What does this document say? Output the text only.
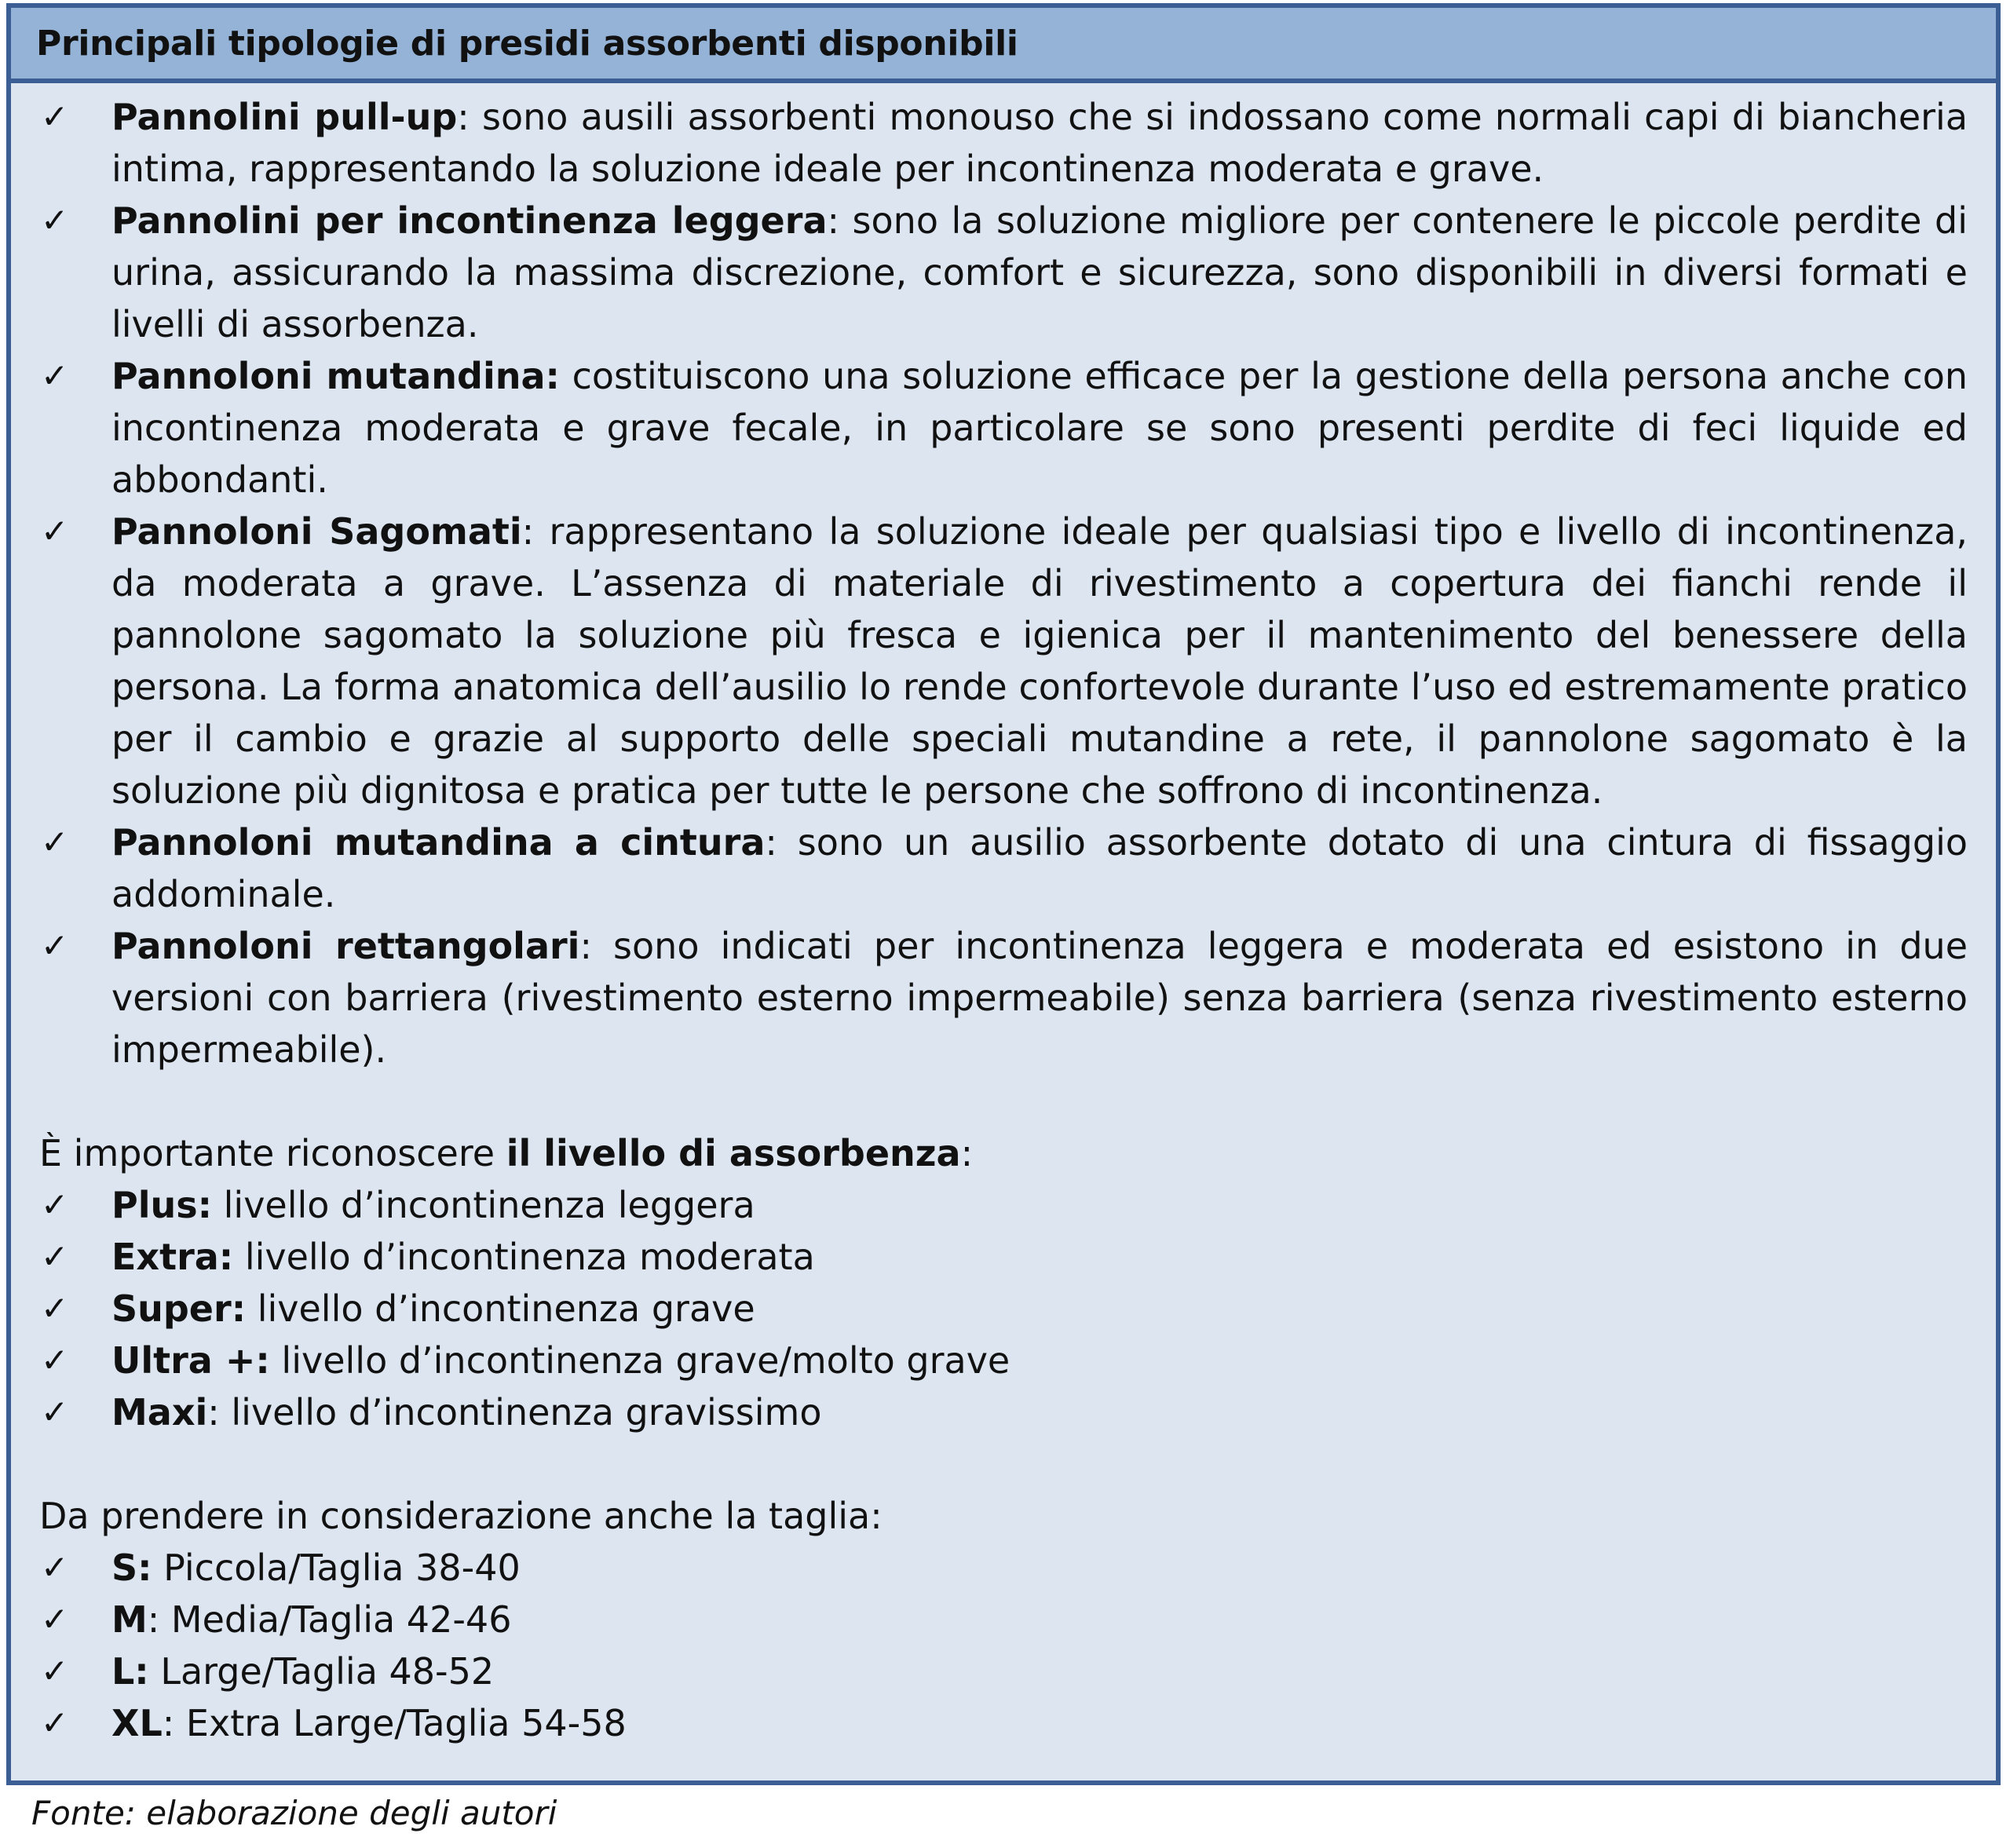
Principali tipologie di presidi assorbenti disponibili
✓ Pannolini pull-up: sono ausili assorbenti monouso che si indossano come normali capi di biancheria intima, rappresentando la soluzione ideale per incontinenza moderata e grave.
✓ Pannolini per incontinenza leggera: sono la soluzione migliore per contenere le piccole perdite di urina, assicurando la massima discrezione, comfort e sicurezza, sono disponibili in diversi formati e livelli di assorbenza.
✓ Pannoloni mutandina: costituiscono una soluzione efficace per la gestione della persona anche con incontinenza moderata e grave fecale, in particolare se sono presenti perdite di feci liquide ed abbondanti.
✓ Pannoloni Sagomati: rappresentano la soluzione ideale per qualsiasi tipo e livello di incontinenza, da moderata a grave. L’assenza di materiale di rivestimento a copertura dei fianchi rende il pannolone sagomato la soluzione più fresca e igienica per il mantenimento del benessere della persona. La forma anatomica dell’ausilio lo rende confortevole durante l’uso ed estremamente pratico per il cambio e grazie al supporto delle speciali mutandine a rete, il pannolone sagomato è la soluzione più dignitosa e pratica per tutte le persone che soffrono di incontinenza.
✓ Pannoloni mutandina a cintura: sono un ausilio assorbente dotato di una cintura di fissaggio addominale.
✓ Pannoloni rettangolari: sono indicati per incontinenza leggera e moderata ed esistono in due versioni con barriera (rivestimento esterno impermeabile) senza barriera (senza rivestimento esterno impermeabile).

È importante riconoscere il livello di assorbenza:

✓ Plus: livello d’incontinenza leggera
✓ Extra: livello d’incontinenza moderata
✓ Super: livello d’incontinenza grave
✓ Ultra +: livello d’incontinenza grave/molto grave
✓ Maxi: livello d’incontinenza gravissimo

Da prendere in considerazione anche la taglia:

✓ S: Piccola/Taglia 38-40
✓ M: Media/Taglia 42-46
✓ L: Large/Taglia 48-52
✓ XL: Extra Large/Taglia 54-58
Fonte: elaborazione degli autori
